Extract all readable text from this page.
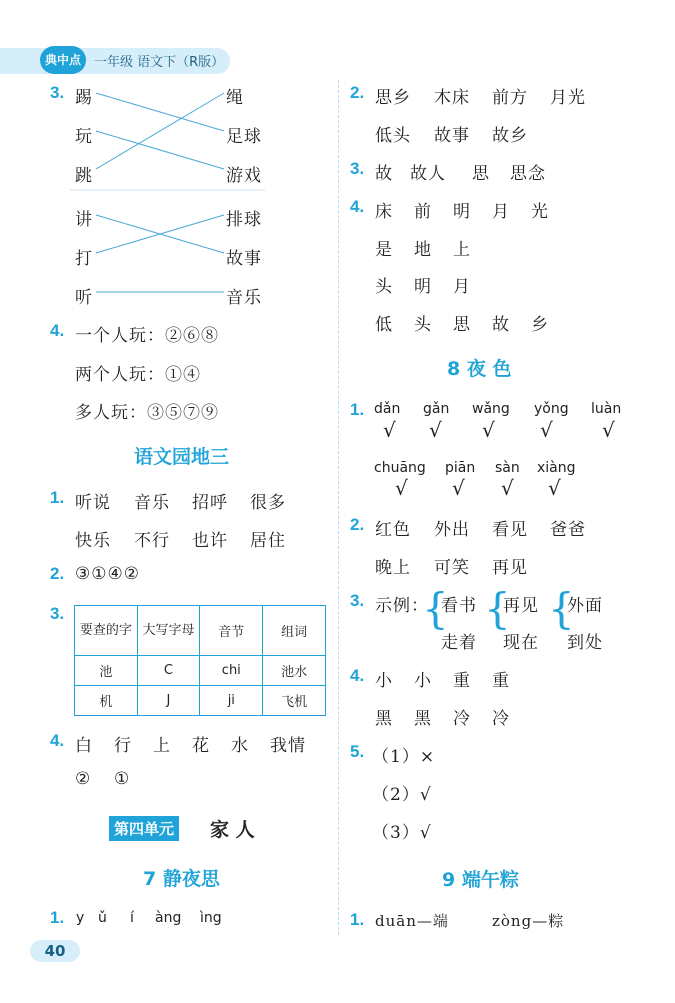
典中点	一年级 语文下（R版）
3. 踢
玩
跳
讲
打
听
绳
足球
游戏
排球
故事
音乐
4. 一个人玩：②⑥⑧
两个人玩：①④
多人玩：③⑤⑦⑨
语文园地三
1. 听说 音乐 招呼 很多
快乐 不行 也许 居住
2. ③①④②
3.
要查的字	大写字母	音节	组词
池	C	chi	池水
机	J	ji	飞机
4. 白 行 上 花 水 我情
② ①
第四单元 家 人
7 静夜思
1. y ǔ í àng ìng
40
2. 思乡 木床 前方 月光
低头 故事 故乡
3. 故 故人 思 思念
4. 床 前 明 月 光
是 地 上
头 明 月
低 头 思 故 乡
8 夜 色
1. dǎn gǎn wǎng yǒng luàn
√ √ √ √ √
chuāng piān sàn xiàng
√ √ √ √
2. 红色 外出 看见 爸爸
晚上 可笑 再见
3. 示例：
{
看书
走着
{
再见
现在
{
外面
到处
4. 小 小 重 重
黑 黑 冷 冷
5. （1）×
（2）√
（3）√
9 端午粽
1. duān—端	zòng—粽
